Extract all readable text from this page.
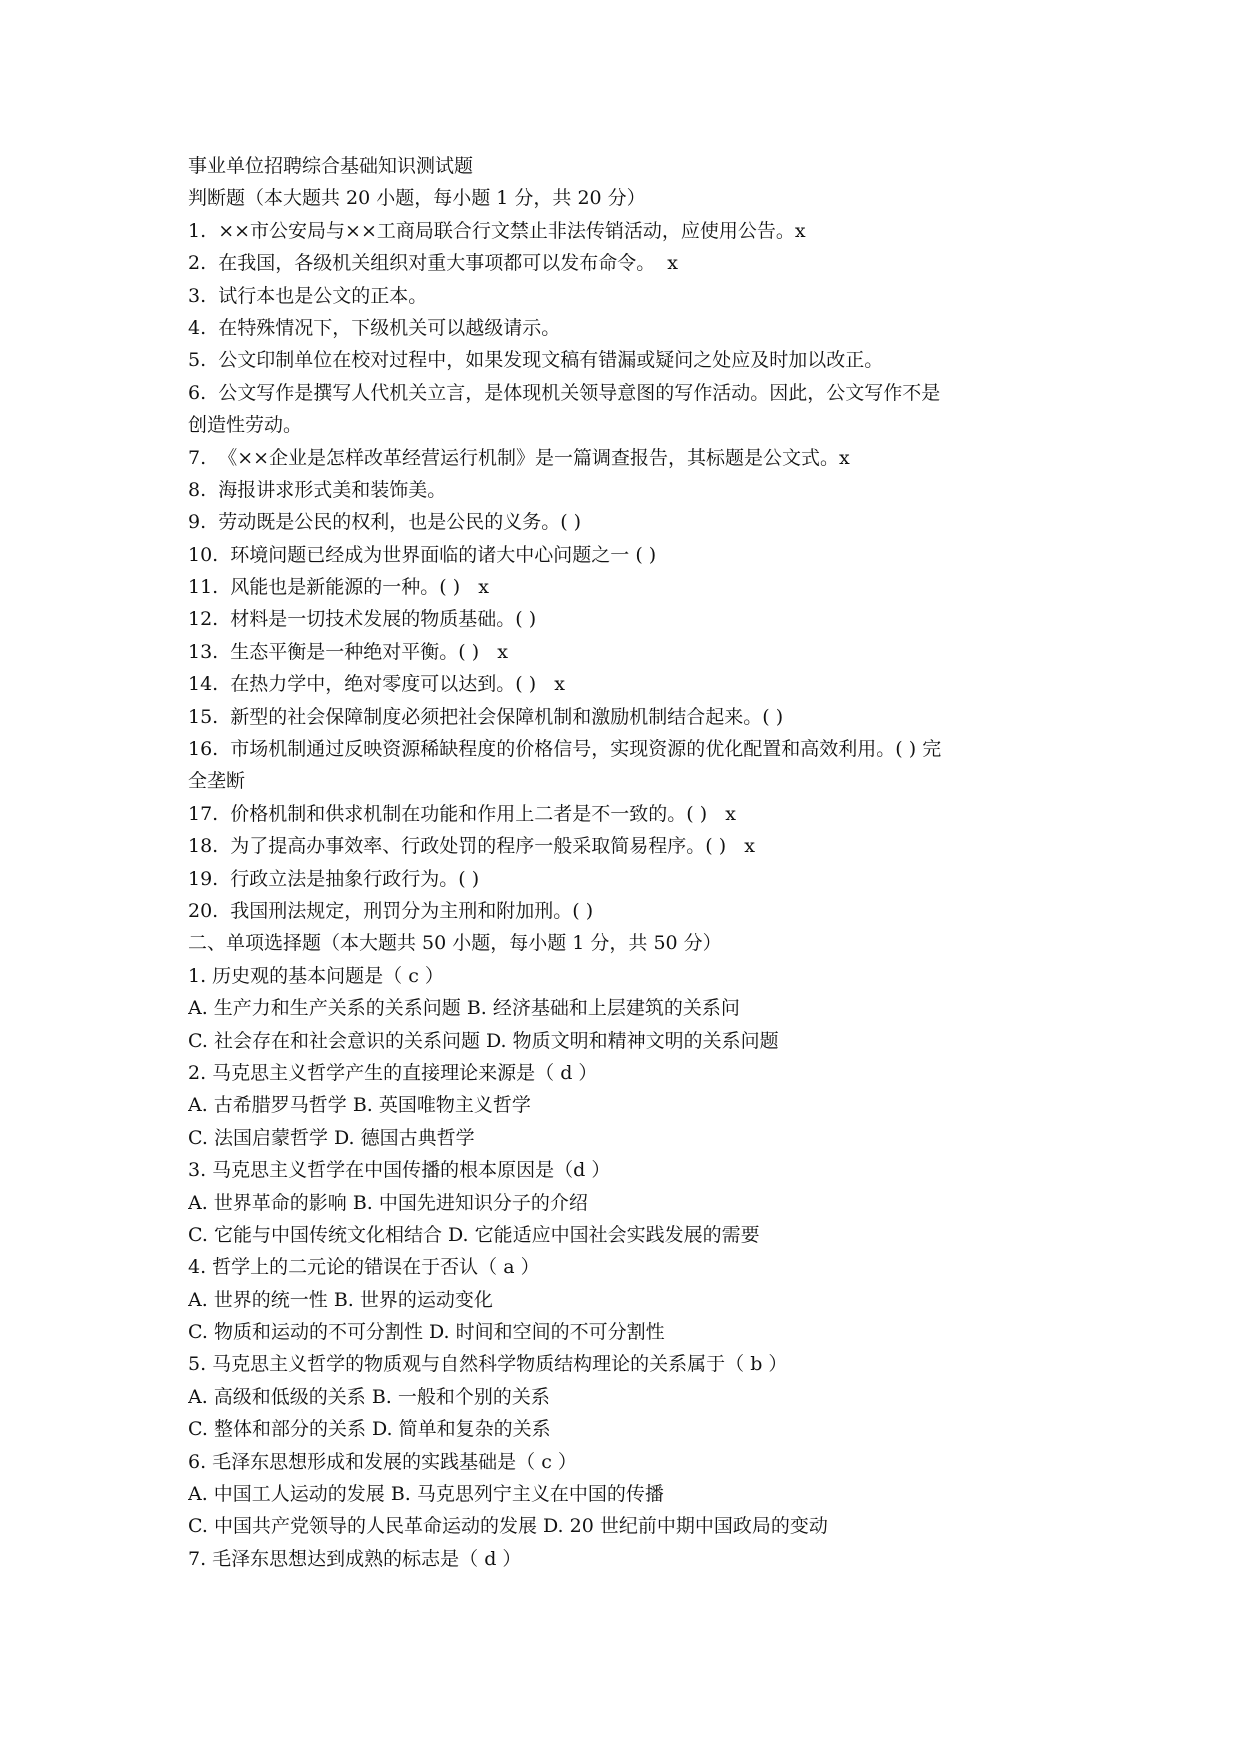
事业单位招聘综合基础知识测试题
判断题（本大题共 20 小题，每小题 1 分，共 20 分）
1.  ××市公安局与××工商局联合行文禁止非法传销活动，应使用公告。x
2.  在我国，各级机关组织对重大事项都可以发布命令。  x
3.  试行本也是公文的正本。
4.  在特殊情况下，下级机关可以越级请示。
5.  公文印制单位在校对过程中，如果发现文稿有错漏或疑问之处应及时加以改正。
6.  公文写作是撰写人代机关立言，是体现机关领导意图的写作活动。因此，公文写作不是
创造性劳动。
7.  《××企业是怎样改革经营运行机制》是一篇调查报告，其标题是公文式。x
8.  海报讲求形式美和装饰美。
9.  劳动既是公民的权利，也是公民的义务。( )
10.  环境问题已经成为世界面临的诸大中心问题之一 ( )
11.  风能也是新能源的一种。( )   x
12.  材料是一切技术发展的物质基础。( )
13.  生态平衡是一种绝对平衡。( )   x
14.  在热力学中，绝对零度可以达到。( )   x
15.  新型的社会保障制度必须把社会保障机制和激励机制结合起来。( )
16.  市场机制通过反映资源稀缺程度的价格信号，实现资源的优化配置和高效利用。( ) 完
全垄断
17.  价格机制和供求机制在功能和作用上二者是不一致的。( )   x
18.  为了提高办事效率、行政处罚的程序一般采取简易程序。( )   x
19.  行政立法是抽象行政行为。( )
20.  我国刑法规定，刑罚分为主刑和附加刑。( )
二、单项选择题（本大题共 50 小题，每小题 1 分，共 50 分）
1. 历史观的基本问题是（ c ）
A. 生产力和生产关系的关系问题 B. 经济基础和上层建筑的关系问
C. 社会存在和社会意识的关系问题 D. 物质文明和精神文明的关系问题
2. 马克思主义哲学产生的直接理论来源是（ d ）
A. 古希腊罗马哲学 B. 英国唯物主义哲学
C. 法国启蒙哲学 D. 德国古典哲学
3. 马克思主义哲学在中国传播的根本原因是（d ）
A. 世界革命的影响 B. 中国先进知识分子的介绍
C. 它能与中国传统文化相结合 D. 它能适应中国社会实践发展的需要
4. 哲学上的二元论的错误在于否认（ a ）
A. 世界的统一性 B. 世界的运动变化
C. 物质和运动的不可分割性 D. 时间和空间的不可分割性
5. 马克思主义哲学的物质观与自然科学物质结构理论的关系属于（ b ）
A. 高级和低级的关系 B. 一般和个别的关系
C. 整体和部分的关系 D. 简单和复杂的关系
6. 毛泽东思想形成和发展的实践基础是（ c ）
A. 中国工人运动的发展 B. 马克思列宁主义在中国的传播
C. 中国共产党领导的人民革命运动的发展 D. 20 世纪前中期中国政局的变动
7. 毛泽东思想达到成熟的标志是（ d ）
